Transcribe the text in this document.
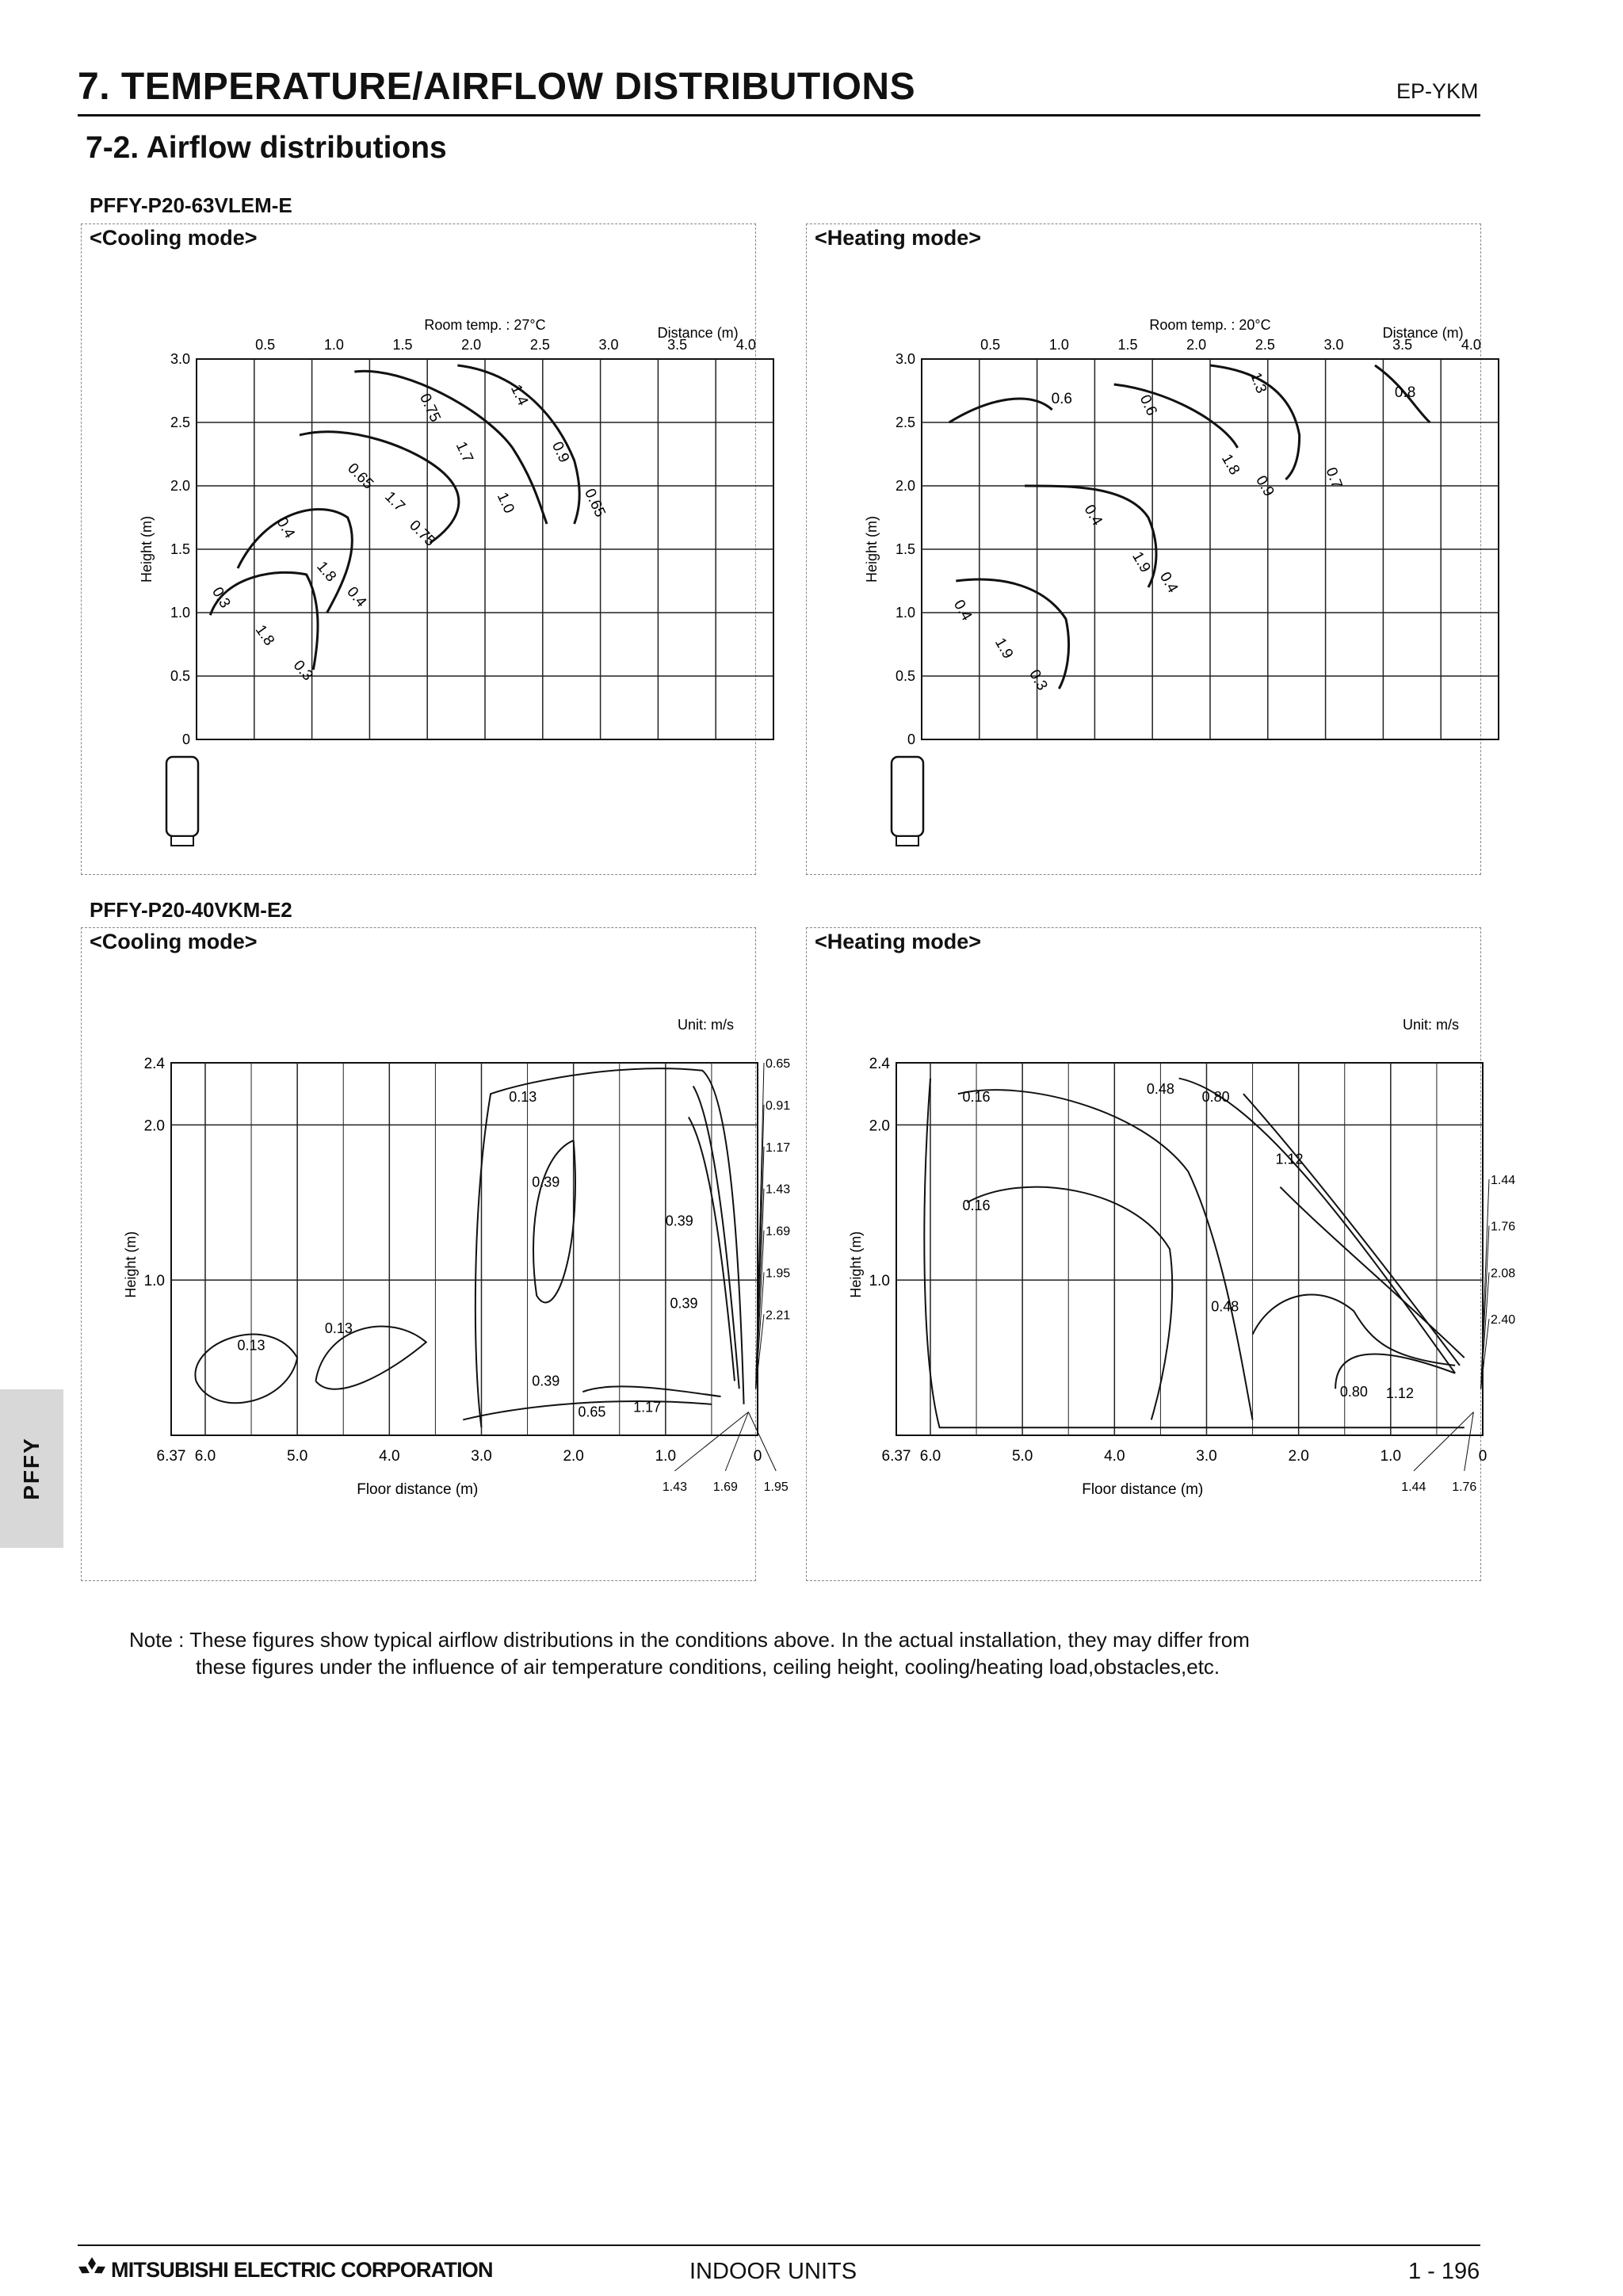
7. TEMPERATURE/AIRFLOW DISTRIBUTIONS	EP-YKM
7-2. Airflow distributions
PFFY-P20-63VLEM-E
<Cooling mode>
0.5	1.0	1.5	2.0	2.5	3.0	3.5	4.0
3.0
2.5
2.0
1.5
1.0
0.5
0
Room temp. : 27°C	Distance (m)
Height (m)
0.75	1.4
1.7	0.9
0.65
1.0	0.65
1.7
0.75
0.4
1.8
0.4
0.3
1.8
0.3
<Heating mode>
0.5	1.0	1.5	2.0	2.5	3.0	3.5	4.0
3.0
2.5
2.0
1.5
1.0
0.5
0
Room temp. : 20°C	Distance (m)
Height (m)
0.6	0.6
1.3	0.8
1.8
0.9	0.7
0.4
1.9
0.4
0.4
1.9
0.3
PFFY-P20-40VKM-E2
<Cooling mode>
6.37 6.0	5.0	4.0	3.0	2.0	1.0	0
2.4
2.0
1.0
Unit: m/s
Floor distance (m)
Height (m)
0.13
0.39
0.39
0.39
0.13
0.13
0.39
0.65 1.17
0.65
0.91
1.17
1.43
1.69
1.95
2.21
1.43 1.69 1.95
<Heating mode>
6.37 6.0	5.0	4.0	3.0	2.0	1.0	0
2.4
2.0
1.0
Unit: m/s
Floor distance (m)
Height (m)
0.16	0.48 0.80
1.12
0.16
0.48
0.80 1.12
1.44
1.76
2.08
2.40
1.44 1.76
PFFY
Note : These figures show typical airflow distributions in the conditions above. In the actual installation, they may differ from
these figures under the influence of air temperature conditions, ceiling height, cooling/heating load,obstacles,etc.
MITSUBISHI ELECTRIC CORPORATION	INDOOR UNITS	1 - 196
